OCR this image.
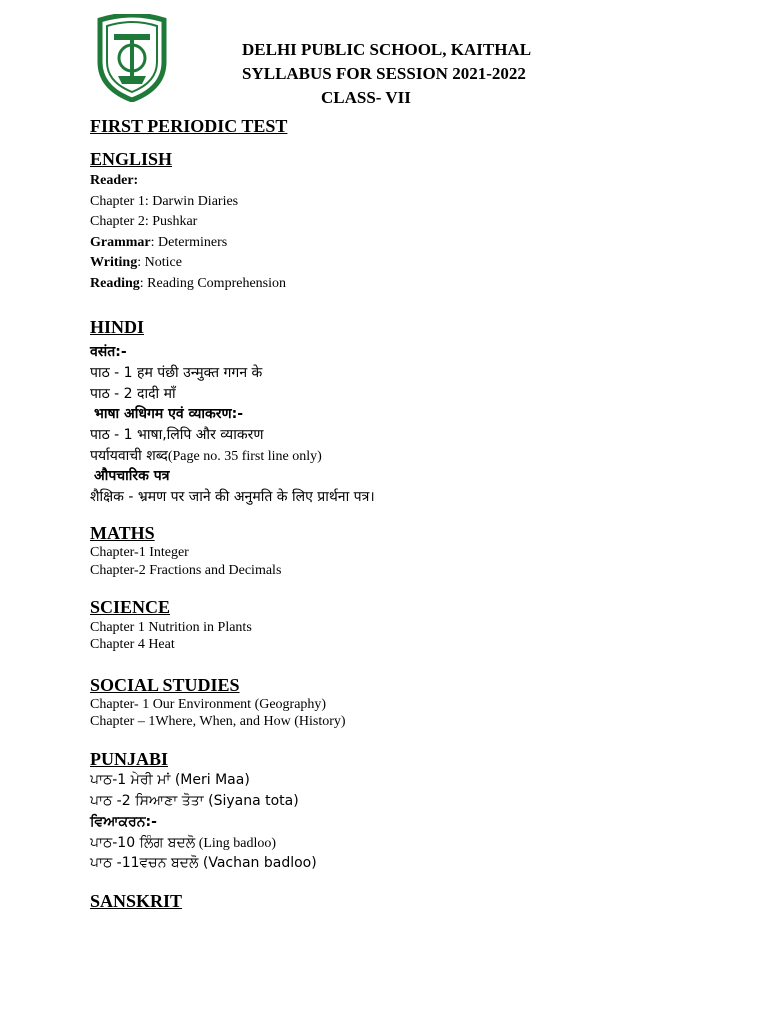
DELHI PUBLIC SCHOOL, KAITHAL
SYLLABUS FOR SESSION 2021-2022
CLASS- VII
FIRST PERIODIC TEST
ENGLISH
Reader:
Chapter 1: Darwin Diaries
Chapter 2: Pushkar
Grammar: Determiners
Writing: Notice
Reading: Reading Comprehension
HINDI
वसंत:-
पाठ - 1 हम पंछी उन्मुक्त गगन के
पाठ - 2 दादी माँ
भाषा अधिगम एवं व्याकरण:-
पाठ - 1 भाषा,लिपि और व्याकरण
पर्यायवाची शब्द(Page no. 35 first line only)
औपचारिक पत्र
शैक्षिक - भ्रमण पर जाने की अनुमति के लिए प्रार्थना पत्र।
MATHS
Chapter-1 Integer
Chapter-2 Fractions and Decimals
SCIENCE
Chapter 1 Nutrition in Plants
Chapter 4 Heat
SOCIAL STUDIES
Chapter- 1 Our Environment (Geography)
Chapter – 1Where, When, and How (History)
PUNJABI
ਪਾਠ-1 ਮੇਰੀ ਮਾਂ (Meri Maa)
ਪਾਠ -2 ਸਿਆਣਾ ਤੋਤਾ (Siyana tota)
ਵਿਆਕਰਨ:-
ਪਾਠ-10 ਲਿੰਗ ਬਦਲੋ (Ling badloo)
ਪਾਠ -11ਵਚਨ ਬਦਲੋ (Vachan badloo)
SANSKRIT
